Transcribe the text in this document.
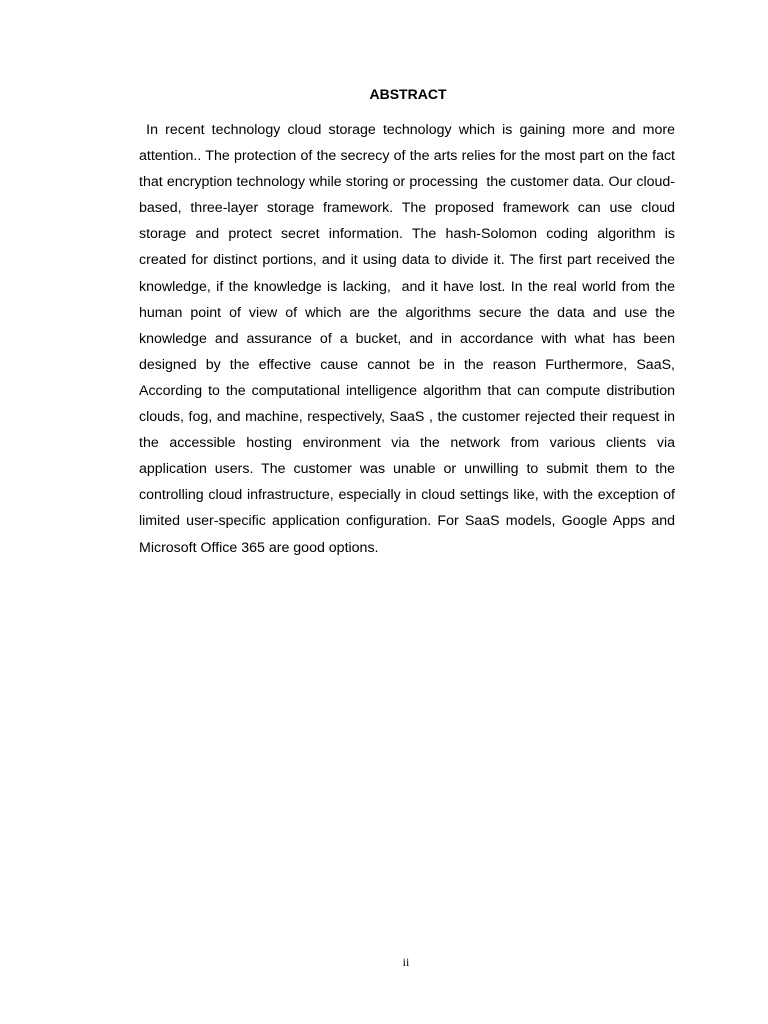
ABSTRACT

In recent technology cloud storage technology which is gaining more and more attention.. The protection of the secrecy of the arts relies for the most part on the fact that encryption technology while storing or processing  the customer data. Our cloud-based, three-layer storage framework. The proposed framework can use cloud storage and protect secret information. The hash-Solomon coding algorithm is created for distinct portions, and it using data to divide it. The first part received the knowledge, if the knowledge is lacking,  and it have lost. In the real world from the human point of view of which are the algorithms secure the data and use the knowledge and assurance of a bucket, and in accordance with what has been designed by the effective cause cannot be in the reason Furthermore, SaaS, According to the computational intelligence algorithm that can compute distribution clouds, fog, and machine, respectively, SaaS , the customer rejected their request in the accessible hosting environment via the network from various clients via application users. The customer was unable or unwilling to submit them to the controlling cloud infrastructure, especially in cloud settings like, with the exception of limited user-specific application configuration. For SaaS models, Google Apps and Microsoft Office 365 are good options.

ii
